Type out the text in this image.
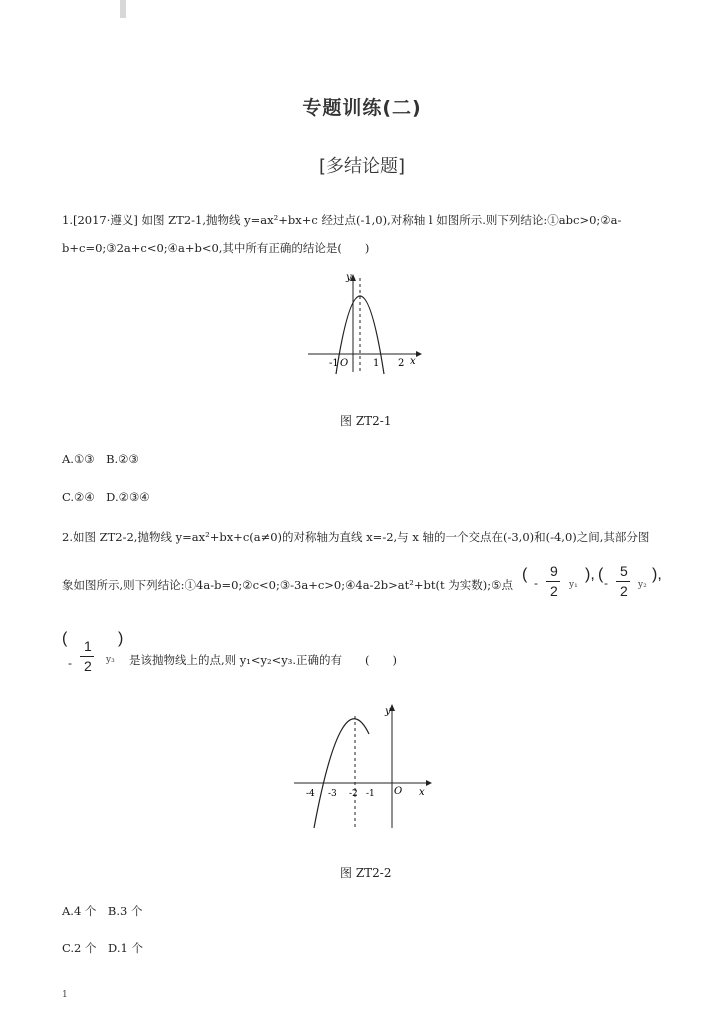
专题训练(二)
[多结论题]
1.[2017·遵义] 如图 ZT2-1,抛物线 y=ax²+bx+c 经过点(-1,0),对称轴 l 如图所示.则下列结论:①abc>0;②a-
b+c=0;③2a+c<0;④a+b<0,其中所有正确的结论是(　　)
y
x
-1 O 1 2
图 ZT2-1
A.①③　B.②③
C.②④　D.②③④
2.如图 ZT2-2,抛物线 y=ax²+bx+c(a≠0)的对称轴为直线 x=-2,与 x 轴的一个交点在(-3,0)和(-4,0)之间,其部分图
象如图所示,则下列结论:①4a-b=0;②c<0;③-3a+c>0;④4a-2b>at²+bt(t 为实数);⑤点
( -
9
2 y₁
), ( -
5
2 y₂
),
(
-
1
2 y₃
)
是该抛物线上的点,则 y₁<y₂<y₃.正确的有　　(　　)
y
x
-4 -3 -2 -1 O
图 ZT2-2
A.4 个　B.3 个
C.2 个　D.1 个
1
